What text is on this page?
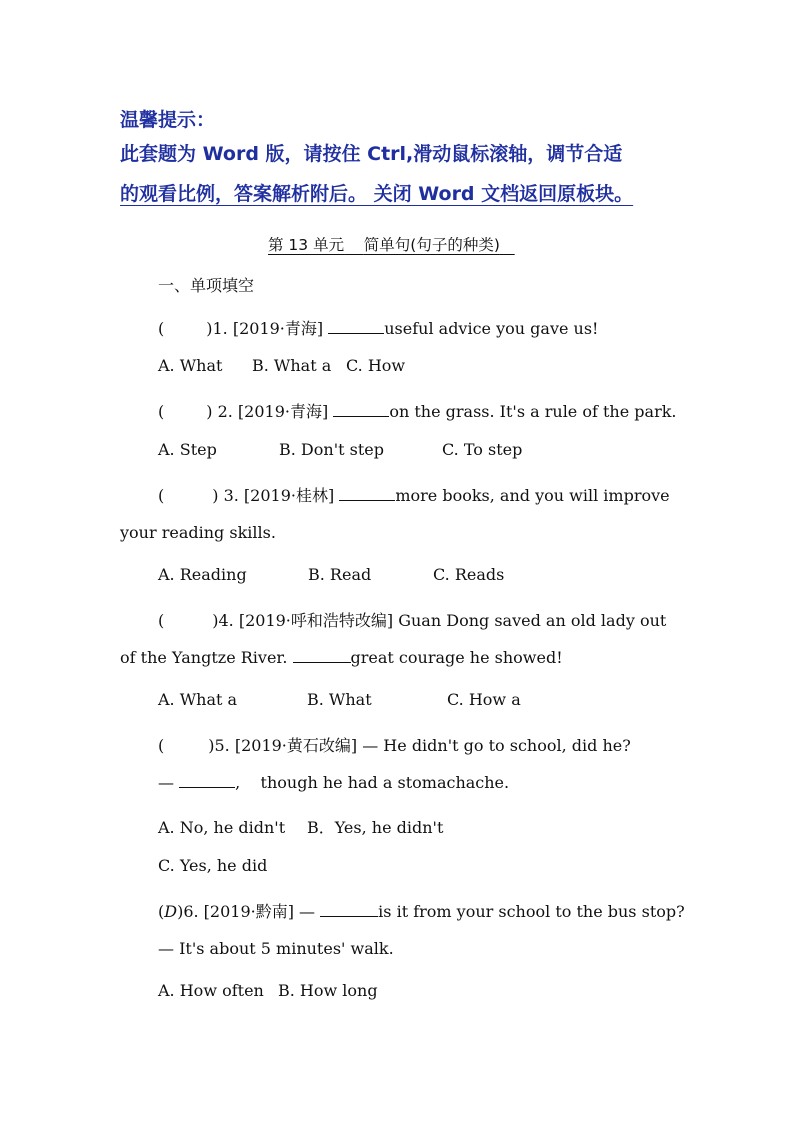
温馨提示：
此套题为 Word 版，请按住 Ctrl,滑动鼠标滚轴，调节合适
的观看比例，答案解析附后。 关闭 Word 文档返回原板块。
第 13 单元 简单句(句子的种类)
一、单项填空
(	)1. [2019·青海]	useful advice you gave us!
A. What B. What a C. How
(	) 2. [2019·青海]	on the grass. It's a rule of the park.
A. Step	B. Don't step	C. To step
(	) 3. [2019·桂林]	more books, and you will improve
your reading skills.
A. Reading	B. Read	C. Reads
(	)4. [2019·呼和浩特改编] Guan Dong saved an old lady out
of the Yangtze River.	great courage he showed!
A. What a	B. What	C. How a
(	)5. [2019·黄石改编] — He didn't go to school, did he?
—	, though he had a stomachache.
A. No, he didn't B．Yes, he didn't
C. Yes, he did
(D)6. [2019·黔南] —	is it from your school to the bus stop?
— It's about 5 minutes' walk.
A. How often B. How long
